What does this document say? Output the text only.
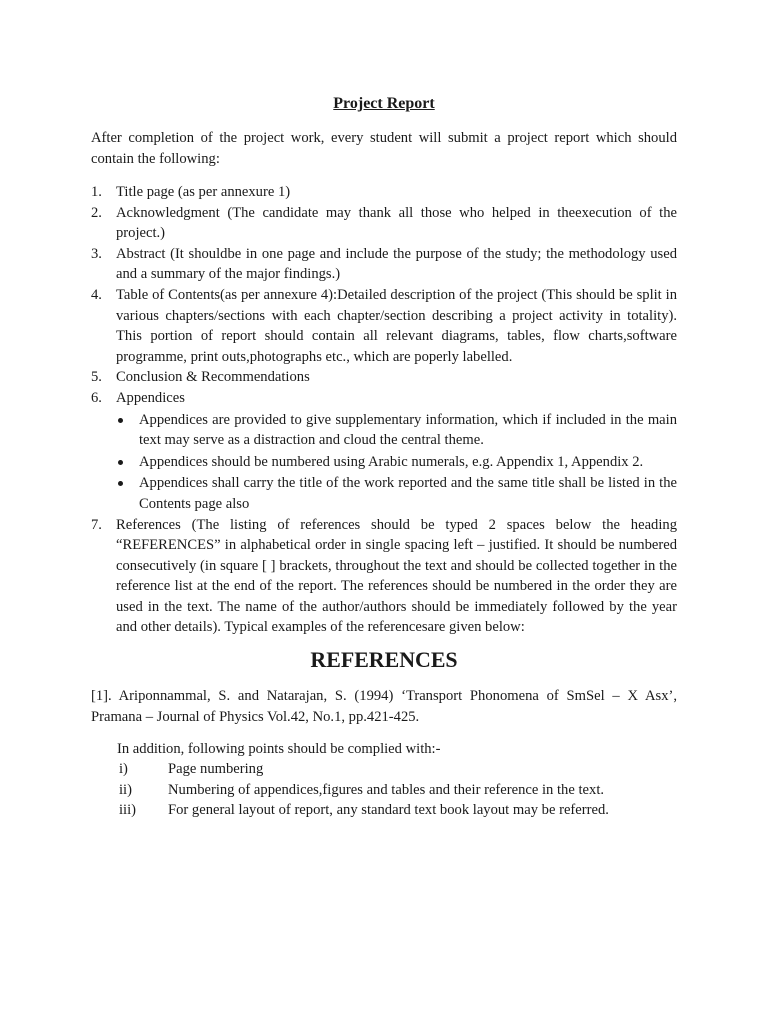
Project Report

After completion of the project work, every student will submit a project report which should contain the following:

1. Title page (as per annexure 1)
2. Acknowledgment (The candidate may thank all those who helped in theexecution of the project.)
3. Abstract (It shouldbe in one page and include the purpose of the study; the methodology used and a summary of the major findings.)
4. Table of Contents(as per annexure 4):Detailed description of the project (This should be split in various chapters/sections with each chapter/section describing a project activity in totality). This portion of report should contain all relevant diagrams, tables, flow charts,software programme, print outs,photographs etc., which are poperly labelled.
5. Conclusion & Recommendations
6. Appendices
Appendices are provided to give supplementary information, which if included in the main text may serve as a distraction and cloud the central theme.
Appendices should be numbered using Arabic numerals, e.g. Appendix 1, Appendix 2.
Appendices shall carry the title of the work reported and the same title shall be listed in the Contents page also
7. References (The listing of references should be typed 2 spaces below the heading “REFERENCES” in alphabetical order in single spacing left – justified. It should be numbered consecutively (in square [ ] brackets, throughout the text and should be collected together in the reference list at the end of the report. The references should be numbered in the order they are used in the text. The name of the author/authors should be immediately followed by the year and other details). Typical examples of the referencesare given below:
REFERENCES

[1]. Ariponnammal, S. and Natarajan, S. (1994) ‘Transport Phonomena of SmSel – X Asx’, Pramana – Journal of Physics Vol.42, No.1, pp.421-425.

In addition, following points should be complied with:-

i)	Page numbering
ii) Numbering of appendices,figures and tables and their reference in the text.
iii) For general layout of report, any standard text book layout may be referred.
